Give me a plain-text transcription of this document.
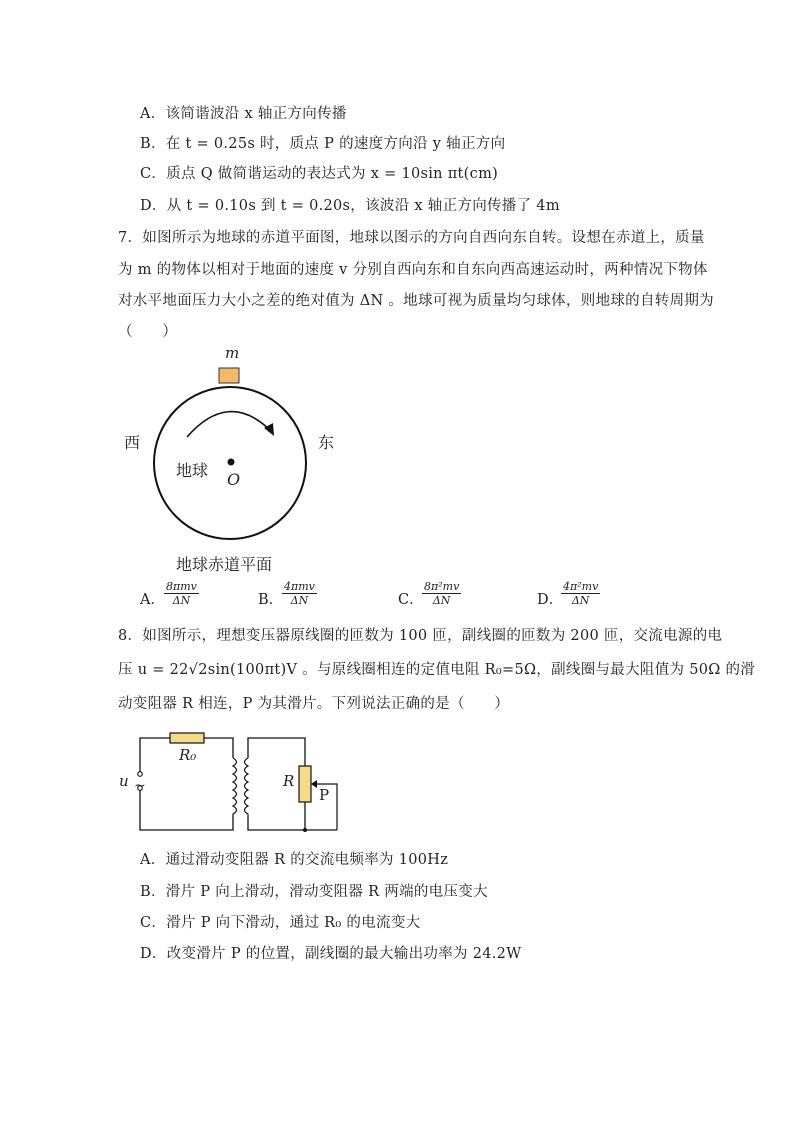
A．该简谐波沿 x 轴正方向传播
B．在 t = 0.25s 时，质点 P 的速度方向沿 y 轴正方向
C．质点 Q 做简谐运动的表达式为 x = 10sin πt(cm)
D．从 t = 0.10s 到 t = 0.20s，该波沿 x 轴正方向传播了 4m
7．如图所示为地球的赤道平面图，地球以图示的方向自西向东自转。设想在赤道上，质量
为 m 的物体以相对于地面的速度 v 分别自西向东和自东向西高速运动时，两种情况下物体
对水平地面压力大小之差的绝对值为 ΔN 。地球可视为质量均匀球体，则地球的自转周期为
（　　）
m
西	东
地球 O
地球赤道平面
A．
8πmv
ΔN	B．
4πmv
ΔN	C．
$\frac{\text{8π²mv}}{\Delta N}$	D．
$\frac{\text{4π²mv}}{\Delta N}$
8．如图所示，理想变压器原线圈的匝数为 100 匝，副线圈的匝数为 200 匝，交流电源的电
压 u = 22√2sin(100πt)V 。与原线圈相连的定值电阻 R₀=5Ω，副线圈与最大阻值为 50Ω 的滑
动变阻器 R 相连，P 为其滑片。下列说法正确的是（　　）
u ~
R₀
R
P
A．通过滑动变阻器 R 的交流电频率为 100Hz
B．滑片 P 向上滑动，滑动变阻器 R 两端的电压变大
C．滑片 P 向下滑动，通过 R₀ 的电流变大
D．改变滑片 P 的位置，副线圈的最大输出功率为 24.2W
